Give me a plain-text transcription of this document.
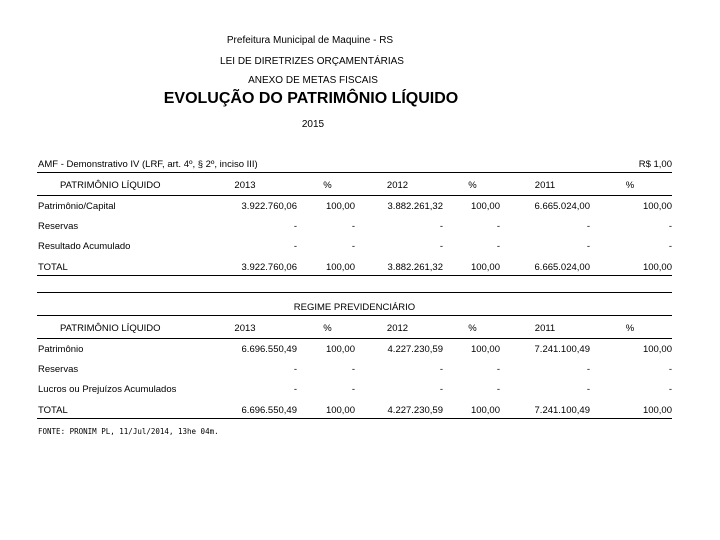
Prefeitura Municipal de Maquine - RS
LEI DE DIRETRIZES ORÇAMENTÁRIAS
ANEXO DE METAS FISCAIS
EVOLUÇÃO DO PATRIMÔNIO LÍQUIDO
2015
AMF - Demonstrativo IV (LRF, art. 4º, § 2º, inciso III)	R$ 1,00
PATRIMÔNIO LÍQUIDO	2013	%	2012	%	2011	%
Patrimônio/Capital	3.922.760,06	100,00	3.882.261,32	100,00	6.665.024,00	100,00
Reservas	-	-	-	-	-	-
Resultado Acumulado	-	-	-	-	-	-
TOTAL	3.922.760,06	100,00	3.882.261,32	100,00	6.665.024,00	100,00
REGIME PREVIDENCIÁRIO
PATRIMÔNIO LÍQUIDO	2013	%	2012	%	2011	%
Patrimônio	6.696.550,49	100,00	4.227.230,59	100,00	7.241.100,49	100,00
Reservas	-	-	-	-	-	-
Lucros ou Prejuízos Acumulados	-	-	-	-	-	-
TOTAL	6.696.550,49	100,00	4.227.230,59	100,00	7.241.100,49	100,00
FONTE: PRONIM PL, 11/Jul/2014, 13he 04m.
